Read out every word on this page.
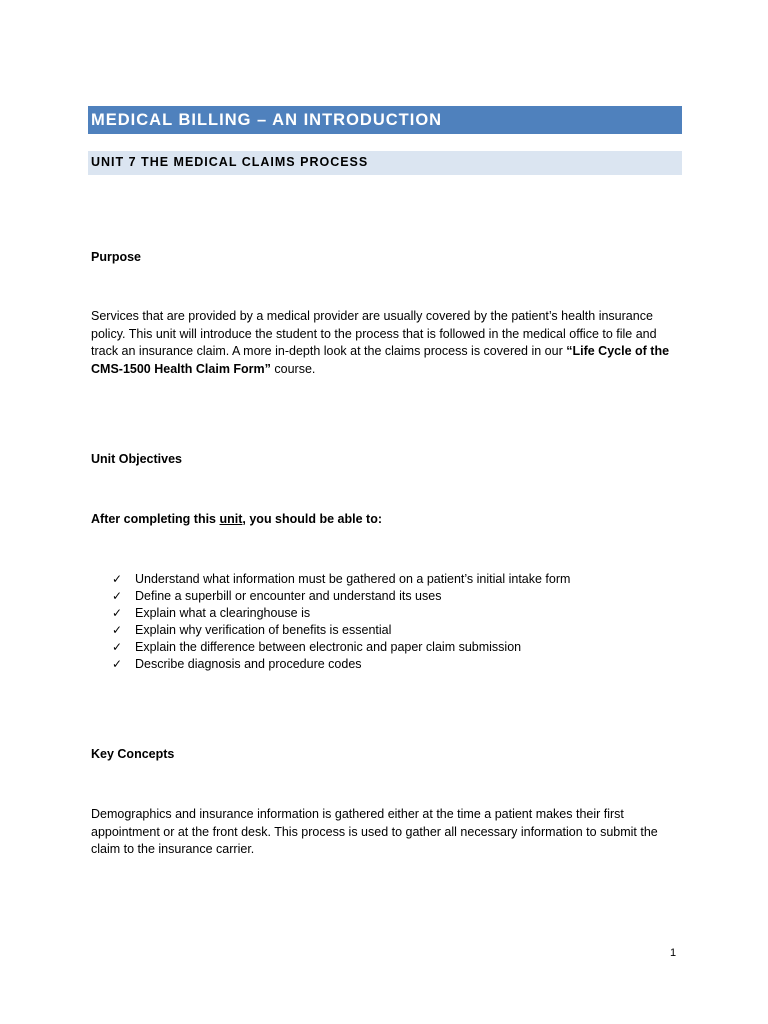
MEDICAL BILLING – AN INTRODUCTION
UNIT 7 THE MEDICAL CLAIMS PROCESS
Purpose
Services that are provided by a medical provider are usually covered by the patient’s health insurance policy. This unit will introduce the student to the process that is followed in the medical office to file and track an insurance claim. A more in-depth look at the claims process is covered in our “Life Cycle of the CMS-1500 Health Claim Form” course.
Unit Objectives
After completing this unit, you should be able to:
✓	Understand what information must be gathered on a patient’s initial intake form
✓	Define a superbill or encounter and understand its uses
✓	Explain what a clearinghouse is
✓	Explain why verification of benefits is essential
✓	Explain the difference between electronic and paper claim submission
✓	Describe diagnosis and procedure codes
Key Concepts
Demographics and insurance information is gathered either at the time a patient makes their first appointment or at the front desk. This process is used to gather all necessary information to submit the claim to the insurance carrier.
1
